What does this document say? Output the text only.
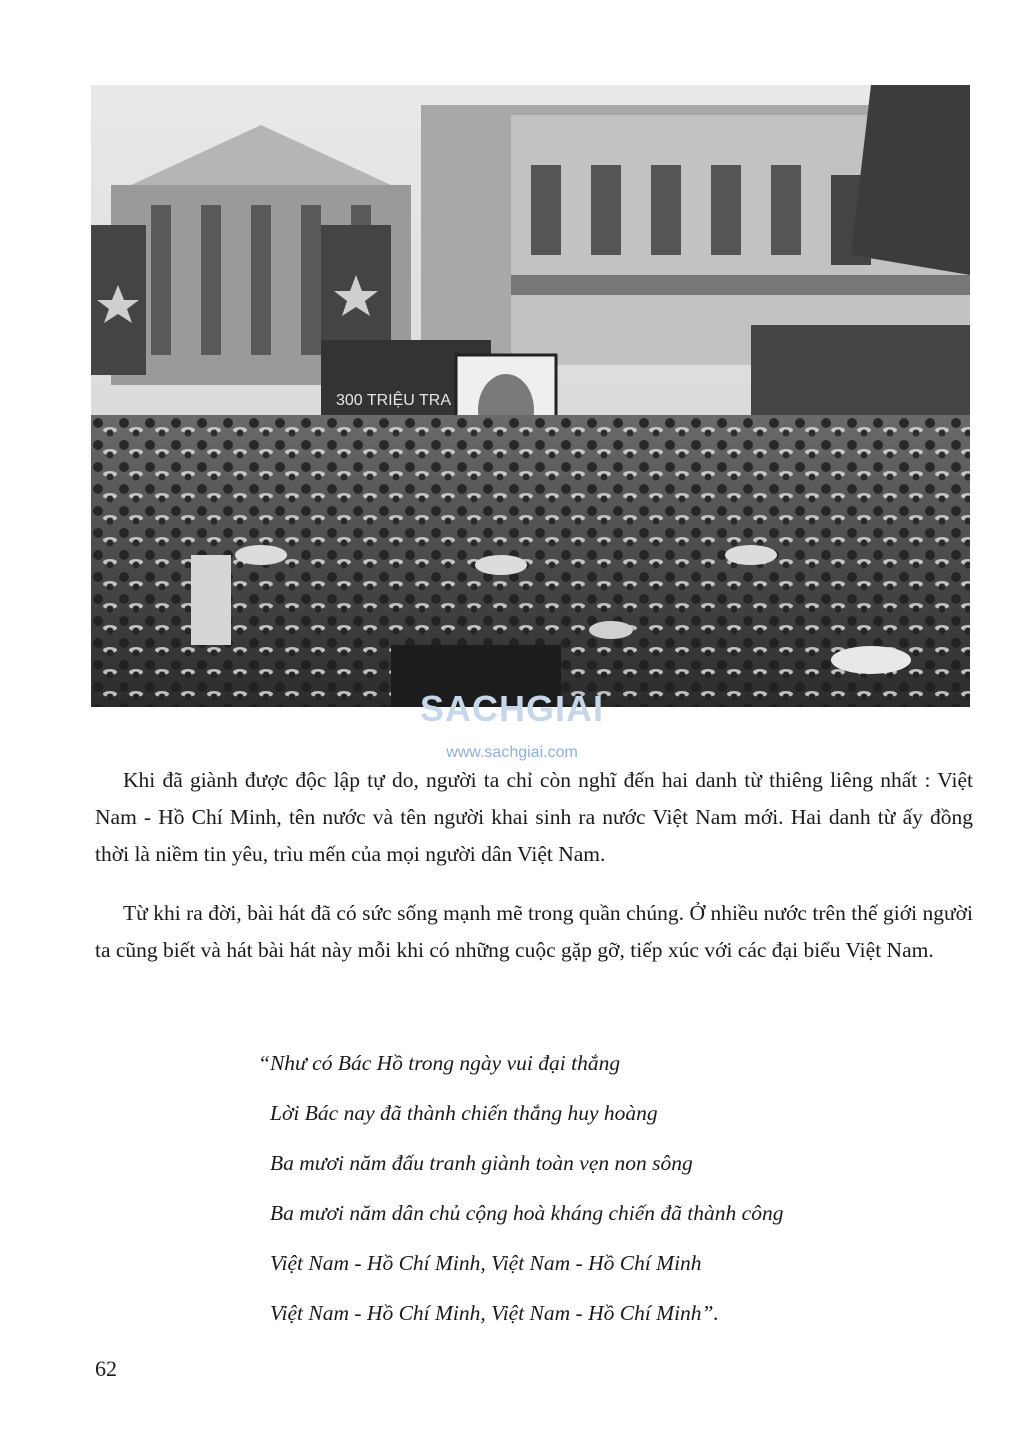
300 TRIỆU TRA
SACHGIAI
www.sachgiai.com

Khi đã giành được độc lập tự do, người ta chỉ còn nghĩ đến hai danh từ thiêng liêng nhất : Việt Nam - Hồ Chí Minh, tên nước và tên người khai sinh ra nước Việt Nam mới. Hai danh từ ấy đồng thời là niềm tin yêu, trìu mến của mọi người dân Việt Nam.

Từ khi ra đời, bài hát đã có sức sống mạnh mẽ trong quần chúng. Ở nhiều nước trên thế giới người ta cũng biết và hát bài hát này mỗi khi có những cuộc gặp gỡ, tiếp xúc với các đại biểu Việt Nam.

“Như có Bác Hồ trong ngày vui đại thắng
Lời Bác nay đã thành chiến thắng huy hoàng
Ba mươi năm đấu tranh giành toàn vẹn non sông
Ba mươi năm dân chủ cộng hoà kháng chiến đã thành công
Việt Nam - Hồ Chí Minh, Việt Nam - Hồ Chí Minh
Việt Nam - Hồ Chí Minh, Việt Nam - Hồ Chí Minh”.
62
